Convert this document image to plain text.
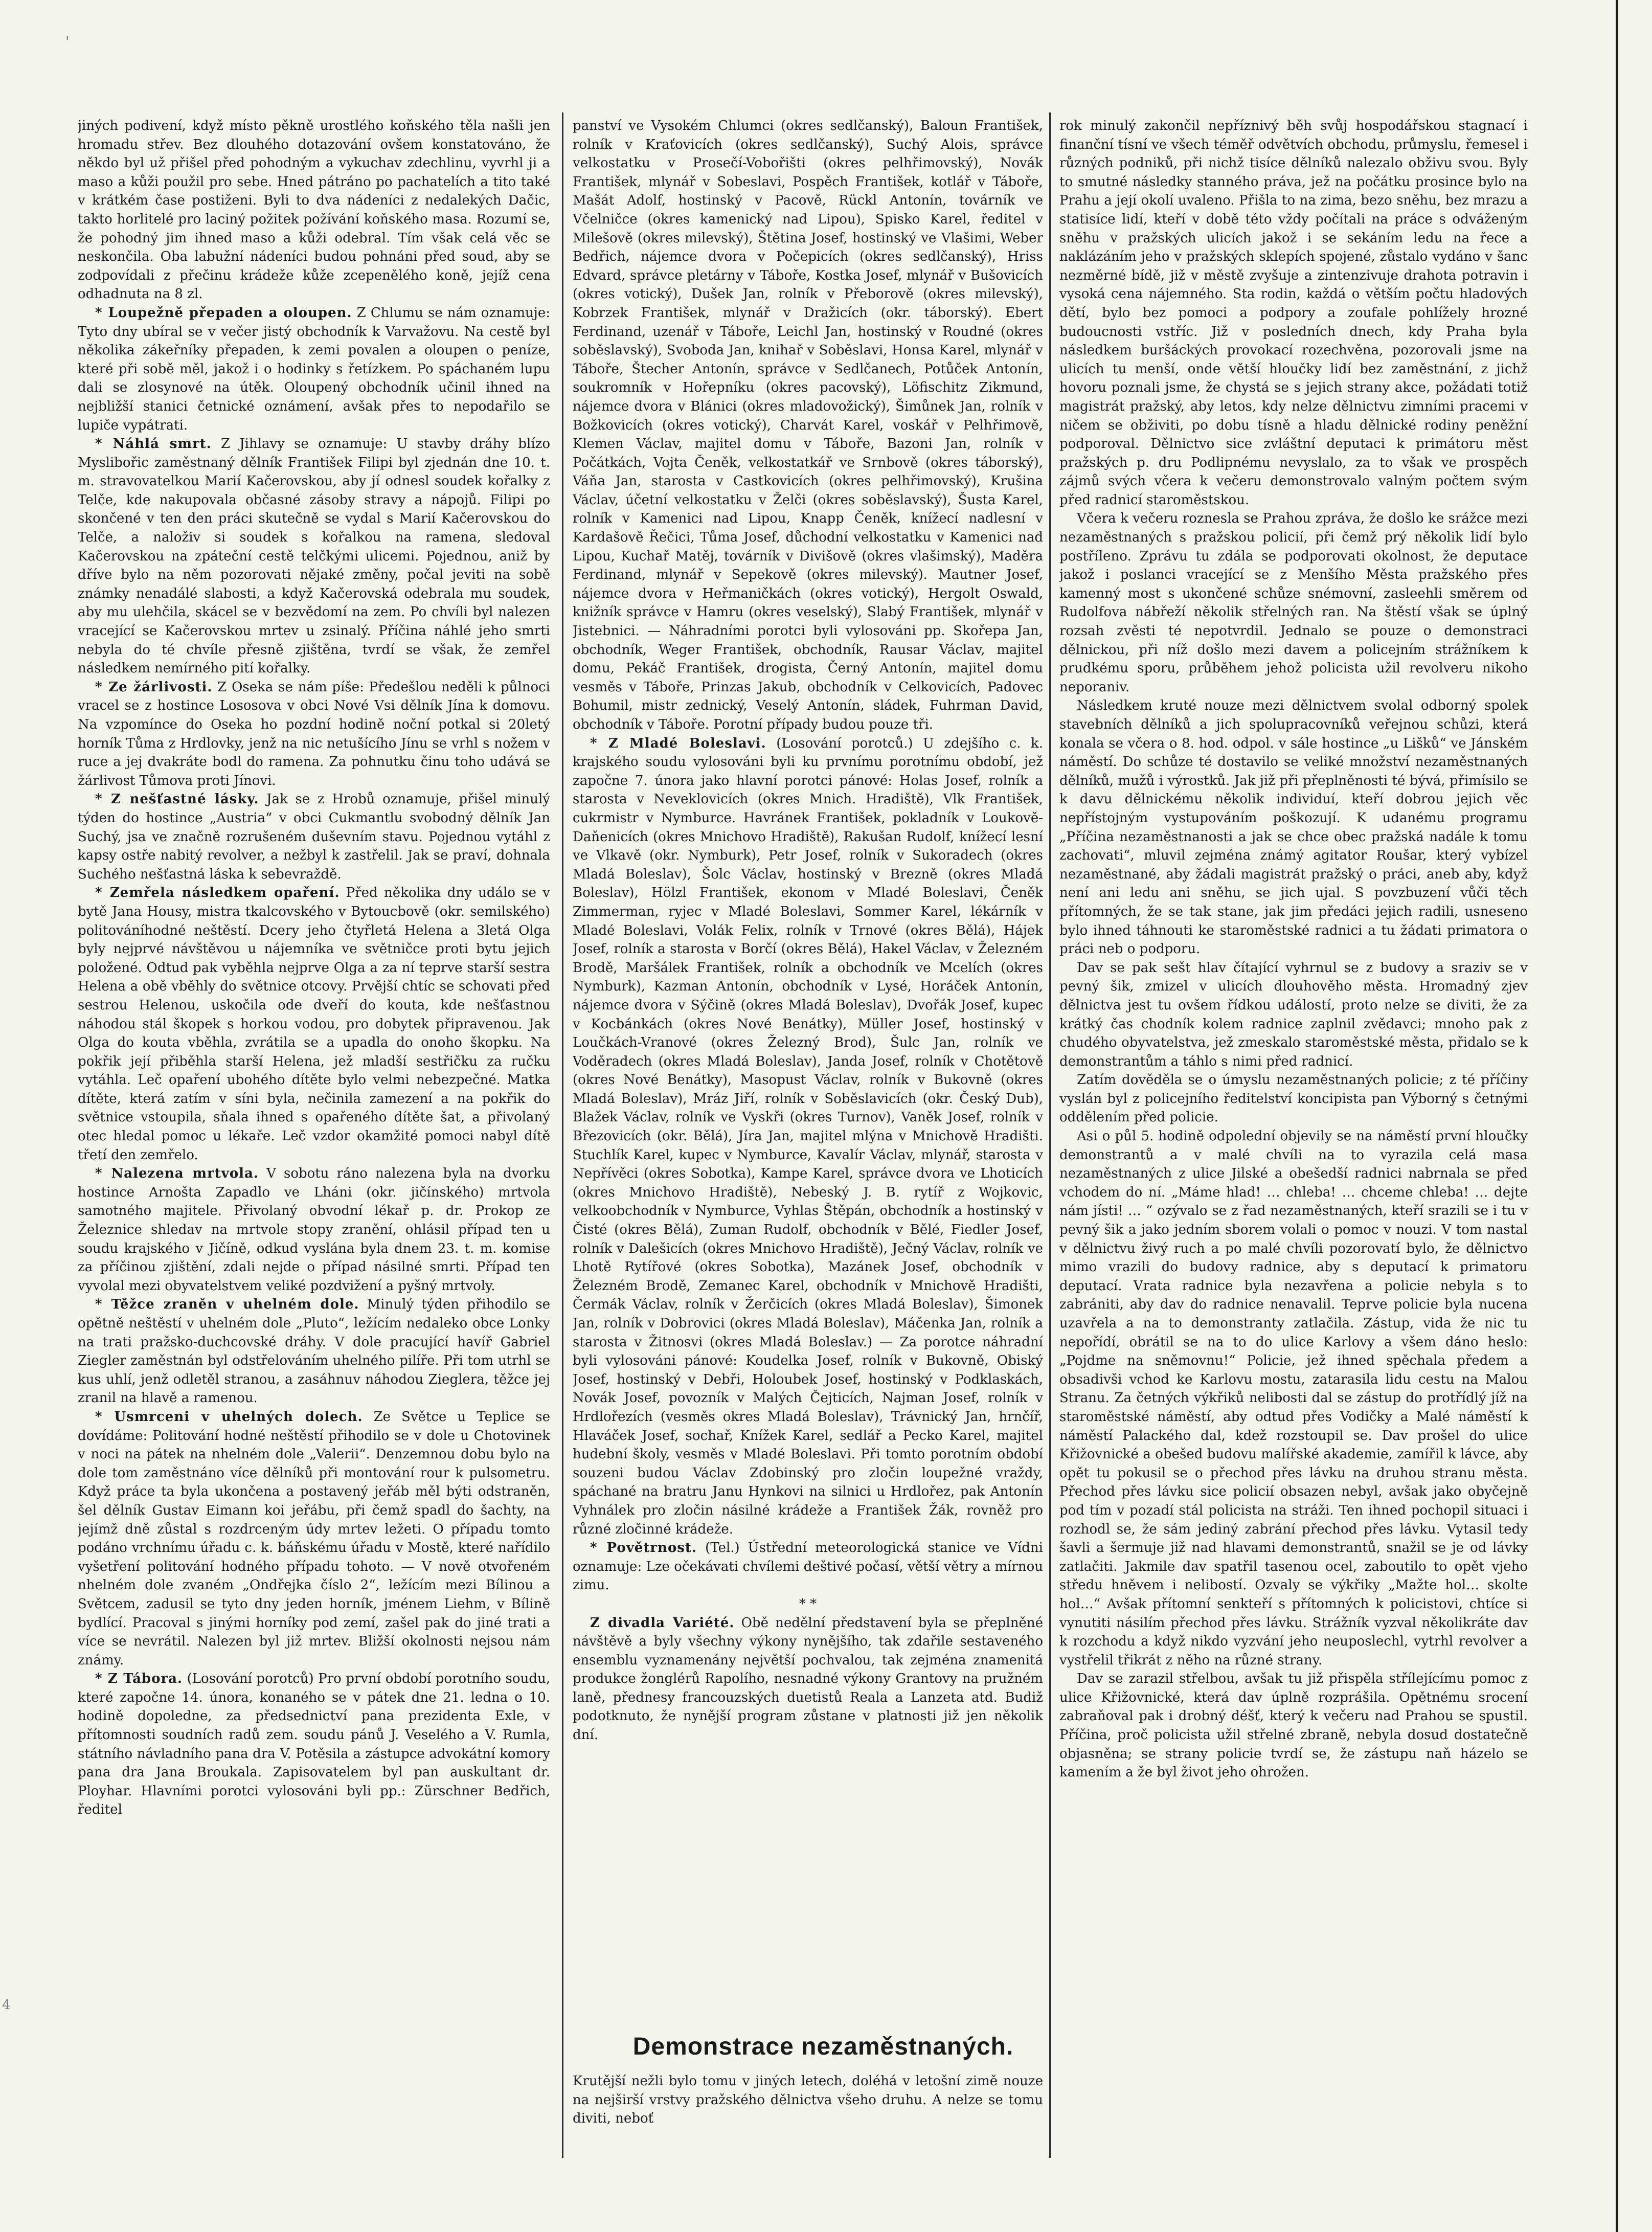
'
4

jiných podivení, když místo pěkně urostlého koňského těla našli jen hromadu střev. Bez dlouhého dotazování ovšem konstatováno, že někdo byl už přišel před pohodným a vykuchav zdechlinu, vyvrhl ji a maso a kůži použil pro sebe. Hned pátráno po pachatelích a tito také v krátkém čase postiženi. Byli to dva nádeníci z nedalekých Dačic, takto horlitelé pro laciný požitek požívání koňského masa. Rozumí se, že pohodný jim ihned maso a kůži odebral. Tím však celá věc se neskončila. Oba labužní nádeníci budou pohnáni před soud, aby se zodpovídali z přečinu krádeže kůže zcepenělého koně, jejíž cena odhadnuta na 8 zl.

* Loupežně přepaden a oloupen. Z Chlumu se nám oznamuje: Tyto dny ubíral se v večer jistý obchodník k Varvažovu. Na cestě byl několika zákeřníky přepaden, k zemi povalen a oloupen o peníze, které při sobě měl, jakož i o hodinky s řetízkem. Po spáchaném lupu dali se zlosynové na útěk. Oloupený obchodník učinil ihned na nejbližší stanici četnické oznámení, avšak přes to nepodařilo se lupiče vypátrati.

* Náhlá smrt. Z Jihlavy se oznamuje: U stavby dráhy blízo Myslibořic zaměstnaný dělník František Filipi byl zjednán dne 10. t. m. stravovatelkou Marií Kačerovskou, aby jí odnesl soudek kořalky z Telče, kde nakupovala občasné zásoby stravy a nápojů. Filipi po skončené v ten den práci skutečně se vydal s Marií Kačerovskou do Telče, a naloživ si soudek s kořalkou na ramena, sledoval Kačerovskou na zpáteční cestě telčkými ulicemi. Pojednou, aniž by dříve bylo na něm pozorovati nějaké změny, počal jeviti na sobě známky nenadálé slabosti, a když Kačerovská odebrala mu soudek, aby mu ulehčila, skácel se v bezvědomí na zem. Po chvíli byl nalezen vracející se Kačerovskou mrtev u zsinalý. Příčina náhlé jeho smrti nebyla do té chvíle přesně zjištěna, tvrdí se však, že zemřel následkem nemírného pití kořalky.

* Ze žárlivosti. Z Oseka se nám píše: Předešlou neděli k půlnoci vracel se z hostince Lososova v obci Nové Vsi dělník Jína k domovu. Na vzpomínce do Oseka ho pozdní hodině noční potkal si 20letý horník Tůma z Hrdlovky, jenž na nic netušícího Jínu se vrhl s nožem v ruce a jej dvakráte bodl do ramena. Za pohnutku činu toho udává se žárlivost Tůmova proti Jínovi.

* Z nešťastné lásky. Jak se z Hrobů oznamuje, přišel minulý týden do hostince „Austria“ v obci Cukmantlu svobodný dělník Jan Suchý, jsa ve značně rozrušeném duševním stavu. Pojednou vytáhl z kapsy ostře nabitý revolver, a nežbyl k zastřelil. Jak se praví, dohnala Suchého nešťastná láska k sebevraždě.

* Zemřela následkem opaření. Před několika dny událo se v bytě Jana Housy, mistra tkalcovského v Bytoucbově (okr. semilského) politováníhodné neštěstí. Dcery jeho čtyřletá Helena a 3letá Olga byly nejprvé návštěvou u nájemníka ve světničce proti bytu jejich položené. Odtud pak vyběhla nejprve Olga a za ní teprve starší sestra Helena a obě vběhly do světnice otcovy. Prvější chtíc se schovati před sestrou Helenou, uskočila ode dveří do kouta, kde nešťastnou náhodou stál škopek s horkou vodou, pro dobytek připravenou. Jak Olga do kouta vběhla, zvrátila se a upadla do onoho škopku. Na pokřik její přiběhla starší Helena, jež mladší sestřičku za ručku vytáhla. Leč opaření ubohého dítěte bylo velmi nebezpečné. Matka dítěte, která zatím v síni byla, nečinila zamezení a na pokřik do světnice vstoupila, sňala ihned s opařeného dítěte šat, a přivolaný otec hledal pomoc u lékaře. Leč vzdor okamžité pomoci nabyl dítě třetí den zemřelo.

* Nalezena mrtvola. V sobotu ráno nalezena byla na dvorku hostince Arnošta Zapadlo ve Lháni (okr. jičínského) mrtvola samotného majitele. Přivolaný obvodní lékař p. dr. Prokop ze Železnice shledav na mrtvole stopy zranění, ohlásil případ ten u soudu krajského v Jičíně, odkud vyslána byla dnem 23. t. m. komise za příčinou zjištění, zdali nejde o případ násilné smrti. Případ ten vyvolal mezi obyvatelstvem veliké pozdvižení a pyšný mrtvoly.

* Těžce zraněn v uhelném dole. Minulý týden přihodilo se opětně neštěstí v uhelném dole „Pluto“, ležícím nedaleko obce Lonky na trati pražsko-duchcovské dráhy. V dole pracující havíř Gabriel Ziegler zaměstnán byl odstřelováním uhelného pilíře. Při tom utrhl se kus uhlí, jenž odletěl stranou, a zasáhnuv náhodou Zieglera, těžce jej zranil na hlavě a ramenou.

* Usmrceni v uhelných dolech. Ze Světce u Teplice se dovídáme: Politování hodné neštěstí přihodilo se v dole u Chotovinek v noci na pátek na nhelném dole „Valerii“. Denzemnou dobu bylo na dole tom zaměstnáno více dělníků při montování rour k pulsometru. Když práce ta byla ukončena a postavený jeřáb měl býti odstraněn, šel dělník Gustav Eimann koi jeřábu, při čemž spadl do šachty, na jejímž dně zůstal s rozdrceným údy mrtev ležeti. O případu tomto podáno vrchnímu úřadu c. k. báňskému úřadu v Mostě, které nařídilo vyšetření politování hodného případu tohoto. — V nově otvořeném nhelném dole zvaném „Ondřejka číslo 2“, ležícím mezi Bílinou a Světcem, zadusil se tyto dny jeden horník, jménem Liehm, v Bílině bydlící. Pracoval s jinými horníky pod zemí, zašel pak do jiné trati a více se nevrátil. Nalezen byl již mrtev. Bližší okolnosti nejsou nám známy.

* Z Tábora. (Losování porotců) Pro první období porotního soudu, které započne 14. února, konaného se v pátek dne 21. ledna o 10. hodině dopoledne, za předsednictví pana prezidenta Exle, v přítomnosti soudních radů zem. soudu pánů J. Veselého a V. Rumla, státního návladního pana dra V. Potěsila a zástupce advokátní komory pana dra Jana Broukala. Zapisovatelem byl pan auskultant dr. Ployhar. Hlavními porotci vylosováni byli pp.: Zürschner Bedřich, ředitel

panství ve Vysokém Chlumci (okres sedlčanský), Baloun František, rolník v Kraťovicích (okres sedlčanský), Suchý Alois, správce velkostatku v Prosečí-Vobořišti (okres pelhřimovský), Novák František, mlynář v Sobeslavi, Pospěch František, kotlář v Táboře, Mašát Adolf, hostinský v Pacově, Rückl Antonín, továrník ve Včelničce (okres kamenický nad Lipou), Spisko Karel, ředitel v Milešově (okres milevský), Štětina Josef, hostinský ve Vlašimi, Weber Bedřich, nájemce dvora v Počepicích (okres sedlčanský), Hriss Edvard, správce pletárny v Táboře, Kostka Josef, mlynář v Bušovicích (okres votický), Dušek Jan, rolník v Přeborově (okres milevský), Kobrzek František, mlynář v Dražicích (okr. táborský). Ebert Ferdinand, uzenář v Táboře, Leichl Jan, hostinský v Roudné (okres soběslavský), Svoboda Jan, knihař v Soběslavi, Honsa Karel, mlynář v Táboře, Štecher Antonín, správce v Sedlčanech, Potůček Antonín, soukromník v Hořepníku (okres pacovský), Löfischitz Zikmund, nájemce dvora v Blánici (okres mladovožický), Šimůnek Jan, rolník v Božkovicích (okres votický), Charvát Karel, voskář v Pelhřimově, Klemen Václav, majitel domu v Táboře, Bazoni Jan, rolník v Počátkách, Vojta Čeněk, velkostatkář ve Srnbově (okres táborský), Váňa Jan, starosta v Castkovicích (okres pelhřimovský), Krušina Václav, účetní velkostatku v Želči (okres soběslavský), Šusta Karel, rolník v Kamenici nad Lipou, Knapp Čeněk, knížecí nadlesní v Kardašově Řečici, Tůma Josef, důchodní velkostatku v Kamenici nad Lipou, Kuchař Matěj, továrník v Divišově (okres vlašimský), Maděra Ferdinand, mlynář v Sepekově (okres milevský). Mautner Josef, nájemce dvora v Heřmaničkách (okres votický), Hergolt Oswald, knižník správce v Hamru (okres veselský), Slabý František, mlynář v Jistebnici. — Náhradními porotci byli vylosováni pp. Skořepa Jan, obchodník, Weger František, obchodník, Rausar Václav, majitel domu, Pekáč František, drogista, Černý Antonín, majitel domu vesměs v Táboře, Prinzas Jakub, obchodník v Celkovicích, Padovec Bohumil, mistr zednický, Veselý Antonín, sládek, Fuhrman David, obchodník v Táboře. Porotní případy budou pouze tři.

* Z Mladé Boleslavi. (Losování porotců.) U zdejšího c. k. krajského soudu vylosováni byli ku prvnímu porotnímu období, jež započne 7. února jako hlavní porotci pánové: Holas Josef, rolník a starosta v Neveklovicích (okres Mnich. Hradiště), Vlk František, cukrmistr v Nymburce. Havránek František, pokladník v Loukově-Daňenicích (okres Mnichovo Hradiště), Rakušan Rudolf, knížecí lesní ve Vlkavě (okr. Nymburk), Petr Josef, rolník v Sukoradech (okres Mladá Boleslav), Šolc Václav, hostinský v Brezně (okres Mladá Boleslav), Hölzl František, ekonom v Mladé Boleslavi, Čeněk Zimmerman, ryjec v Mladé Boleslavi, Sommer Karel, lékárník v Mladé Boleslavi, Volák Felix, rolník v Trnové (okres Bělá), Hájek Josef, rolník a starosta v Borčí (okres Bělá), Hakel Václav, v Železném Brodě, Maršálek František, rolník a obchodník ve Mcelích (okres Nymburk), Kazman Antonín, obchodník v Lysé, Horáček Antonín, nájemce dvora v Sýčině (okres Mladá Boleslav), Dvořák Josef, kupec v Kocbánkách (okres Nové Benátky), Müller Josef, hostinský v Loučkách-Vranové (okres Železný Brod), Šulc Jan, rolník ve Voděradech (okres Mladá Boleslav), Janda Josef, rolník v Chotětově (okres Nové Benátky), Masopust Václav, rolník v Bukovně (okres Mladá Boleslav), Mráz Jiří, rolník v Soběslavicích (okr. Český Dub), Blažek Václav, rolník ve Vyskři (okres Turnov), Vaněk Josef, rolník v Březovicích (okr. Bělá), Jíra Jan, majitel mlýna v Mnichově Hradišti. Stuchlík Karel, kupec v Nymburce, Kavalír Václav, mlynář, starosta v Nepřívěci (okres Sobotka), Kampe Karel, správce dvora ve Lhoticích (okres Mnichovo Hradiště), Nebeský J. B. rytíř z Wojkovic, velkoobchodník v Nymburce, Vyhlas Štěpán, obchodník a hostinský v Čisté (okres Bělá), Zuman Rudolf, obchodník v Bělé, Fiedler Josef, rolník v Dalešicích (okres Mnichovo Hradiště), Ječný Václav, rolník ve Lhotě Rytířové (okres Sobotka), Mazánek Josef, obchodník v Železném Brodě, Zemanec Karel, obchodník v Mnichově Hradišti, Čermák Václav, rolník v Žerčicích (okres Mladá Boleslav), Šimonek Jan, rolník v Dobrovici (okres Mladá Boleslav), Máčenka Jan, rolník a starosta v Žitnosvi (okres Mladá Boleslav.) — Za porotce náhradní byli vylosováni pánové: Koudelka Josef, rolník v Bukovně, Obiský Josef, hostinský v Debři, Holoubek Josef, hostinský v Podklaskách, Novák Josef, povozník v Malých Čejticích, Najman Josef, rolník v Hrdlořezích (vesměs okres Mladá Boleslav), Trávnický Jan, hrnčíř, Hlaváček Josef, sochař, Knížek Karel, sedlář a Pecko Karel, majitel hudební školy, vesměs v Mladé Boleslavi. Při tomto porotním období souzeni budou Václav Zdobinský pro zločin loupežné vraždy, spáchané na bratru Janu Hynkovi na silnici u Hrdlořez, pak Antonín Vyhnálek pro zločin násilné krádeže a František Žák, rovněž pro různé zločinné krádeže.

* Povětrnost. (Tel.) Ústřední meteorologická stanice ve Vídni oznamuje: Lze očekávati chvílemi deštivé počasí, větší větry a mírnou zimu.

* *

Z divadla Variété. Obě nedělní představení byla se přeplněné návštěvě a byly všechny výkony nynějšího, tak zdařile sestaveného ensemblu vyznamenány největší pochvalou, tak zejména znamenitá produkce žonglérů Rapolího, nesnadné výkony Grantovy na pružném laně, přednesy francouzských duetistů Reala a Lanzeta atd. Budiž podotknuto, že nynější program zůstane v platnosti již jen několik dní.

rok minulý zakončil nepříznivý běh svůj hospodářskou stagnací i finanční tísní ve všech téměř odvětvích obchodu, průmyslu, řemesel i různých podniků, při nichž tisíce dělníků nalezalo obživu svou. Byly to smutné následky stanného práva, jež na počátku prosince bylo na Prahu a její okolí uvaleno. Přišla to na zima, bezo sněhu, bez mrazu a statisíce lidí, kteří v době této vždy počítali na práce s odváženým sněhu v pražských ulicích jakož i se sekáním ledu na řece a naklázáním jeho v pražských sklepích spojené, zůstalo vydáno v šanc nezměrné bídě, již v městě zvyšuje a zintenzivuje drahota potravin i vysoká cena nájemného. Sta rodin, každá o větším počtu hladových dětí, bylo bez pomoci a podpory a zoufale pohlížely hrozné budoucnosti vstříc. Již v posledních dnech, kdy Praha byla následkem buršáckých provokací rozechvěna, pozorovali jsme na ulicích tu menší, onde větší hloučky lidí bez zaměstnání, z jichž hovoru poznali jsme, že chystá se s jejich strany akce, požádati totiž magistrát pražský, aby letos, kdy nelze dělnictvu zimními pracemi v ničem se obživiti, po dobu tísně a hladu dělnické rodiny peněžní podporoval. Dělnictvo sice zvláštní deputaci k primátoru měst pražských p. dru Podlipnému nevyslalo, za to však ve prospěch zájmů svých včera k večeru demonstrovalo valným počtem svým před radnicí staroměstskou.

Včera k večeru roznesla se Prahou zpráva, že došlo ke srážce mezi nezaměstnaných s pražskou policií, při čemž prý několik lidí bylo postříleno. Zprávu tu zdála se podporovati okolnost, že deputace jakož i poslanci vracející se z Menšího Města pražského přes kamenný most s ukončené schůze snémovní, zasleehli směrem od Rudolfova nábřeží několik střelných ran. Na štěstí však se úplný rozsah zvěsti té nepotvrdil. Jednalo se pouze o demonstraci dělnickou, při níž došlo mezi davem a policejním strážníkem k prudkému sporu, průběhem jehož policista užil revolveru nikoho neporaniv.

Následkem kruté nouze mezi dělnictvem svolal odborný spolek stavebních dělníků a jich spolupracovníků veřejnou schůzi, která konala se včera o 8. hod. odpol. v sále hostince „u Lišků“ ve Jánském náměstí. Do schůze té dostavilo se veliké množství nezaměstnaných dělníků, mužů i výrostků. Jak již při přeplněnosti té bývá, přimísilo se k davu dělnickému několik individuí, kteří dobrou jejich věc nepřístojným vystupováním poškozují. K udanému programu „Příčina nezaměstnanosti a jak se chce obec pražská nadále k tomu zachovati“, mluvil zejména známý agitator Roušar, který vybízel nezaměstnané, aby žádali magistrát pražský o práci, aneb aby, když není ani ledu ani sněhu, se jich ujal. S povzbuzení vůči těch přítomných, že se tak stane, jak jim předáci jejich radili, usneseno bylo ihned táhnouti ke staroměstské radnici a tu žádati primatora o práci neb o podporu.

Dav se pak sešt hlav čítající vyhrnul se z budovy a sraziv se v pevný šik, zmizel v ulicích dlouhověho města. Hromadný zjev dělnictva jest tu ovšem řídkou událostí, proto nelze se diviti, že za krátký čas chodník kolem radnice zaplnil zvědavci; mnoho pak z chudého obyvatelstva, jež zmeskalo staroměstské města, přidalo se k demonstrantům a táhlo s nimi před radnicí.

Zatím dověděla se o úmyslu nezaměstnaných policie; z té příčiny vyslán byl z policejního ředitelství koncipista pan Výborný s četnými oddělením před policie.

Asi o půl 5. hodině odpolední objevily se na náměstí první hloučky demonstrantů a v malé chvíli na to vyrazila celá masa nezaměstnaných z ulice Jilské a obešedší radnici nabrnala se před vchodem do ní. „Máme hlad! … chleba! … chceme chleba! … dejte nám jísti! … “ ozývalo se z řad nezaměstnaných, kteří srazili se i tu v pevný šik a jako jedním sborem volali o pomoc v nouzi. V tom nastal v dělnictvu živý ruch a po malé chvíli pozorovatí bylo, že dělnictvo mimo vrazili do budovy radnice, aby s deputací k primatoru deputací. Vrata radnice byla nezavřena a policie nebyla s to zabrániti, aby dav do radnice nenavalil. Teprve policie byla nucena uzavřela a na to demonstranty zatlačila. Zástup, vida že nic tu nepořídí, obrátil se na to do ulice Karlovy a všem dáno heslo: „Pojdme na sněmovnu!“ Policie, jež ihned spěchala předem a obsadivši vchod ke Karlovu mostu, zatarasila lidu cestu na Malou Stranu. Za četných výkřiků nelibosti dal se zástup do protřídlý jíž na staroměstské náměstí, aby odtud přes Vodičky a Malé náměstí k náměstí Palackého dal, kdež rozstoupil se. Dav prošel do ulice Křižovnické a obešed budovu malířské akademie, zamířil k lávce, aby opět tu pokusil se o přechod přes lávku na druhou stranu města. Přechod přes lávku sice policií obsazen nebyl, avšak jako obyčejně pod tím v pozadí stál policista na stráži. Ten ihned pochopil situaci i rozhodl se, že sám jediný zabrání přechod přes lávku. Vytasil tedy šavli a šermuje již nad hlavami demonstrantů, snažil se je od lávky zatlačiti. Jakmile dav spatřil tasenou ocel, zaboutilo to opět vjeho středu hněvem i nelibostí. Ozvaly se výkřiky „Mažte hol… skolte hol…“ Avšak přítomní senkteří s přítomných k policistovi, chtíce si vynutiti násilím přechod přes lávku. Strážník vyzval několikráte dav k rozchodu a když nikdo vyzvání jeho neuposlechl, vytrhl revolver a vystřelil třikrát z něho na různé strany.

Dav se zarazil střelbou, avšak tu již přispěla střílejícímu pomoc z ulice Křižovnické, která dav úplně rozprášila. Opětnému srocení zabraňoval pak i drobný déšť, který k večeru nad Prahou se spustil. Příčina, proč policista užil střelné zbraně, nebyla dosud dostatečně objasněna; se strany policie tvrdí se, že zástupu naň házelo se kamením a že byl život jeho ohrožen.

Demonstrace nezaměstnaných.
Krutější nežli bylo tomu v jiných letech, doléhá v letošní zimě nouze na nejširší vrstvy pražského dělnictva všeho druhu. A nelze se tomu diviti, neboť
